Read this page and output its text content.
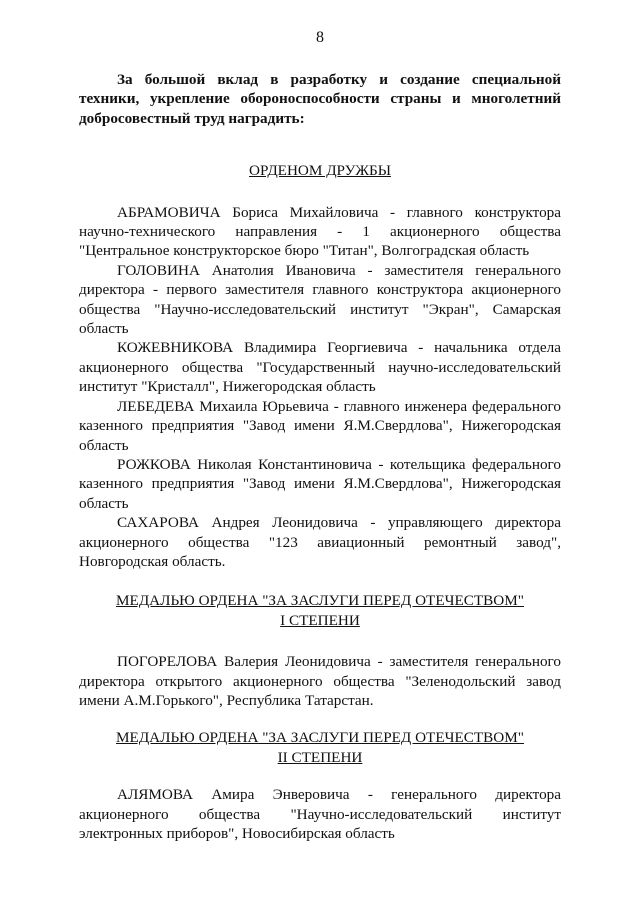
8

За большой вклад в разработку и создание специальной техники, укрепление обороноспособности страны и многолетний добросовестный труд наградить:

ОРДЕНОМ ДРУЖБЫ

АБРАМОВИЧА Бориса Михайловича - главного конструктора научно-технического направления - 1 акционерного общества "Центральное конструкторское бюро "Титан", Волгоградская область

ГОЛОВИНА Анатолия Ивановича - заместителя генерального директора - первого заместителя главного конструктора акционерного общества "Научно-исследовательский институт "Экран", Самарская область

КОЖЕВНИКОВА Владимира Георгиевича - начальника отдела акционерного общества "Государственный научно-исследовательский институт "Кристалл", Нижегородская область

ЛЕБЕДЕВА Михаила Юрьевича - главного инженера федерального казенного предприятия "Завод имени Я.М.Свердлова", Нижегородская область

РОЖКОВА Николая Константиновича - котельщика федерального казенного предприятия "Завод имени Я.М.Свердлова", Нижегородская область

САХАРОВА Андрея Леонидовича - управляющего директора акционерного общества "123 авиационный ремонтный завод", Новгородская область.

МЕДАЛЬЮ ОРДЕНА "ЗА ЗАСЛУГИ ПЕРЕД ОТЕЧЕСТВОМ"
I СТЕПЕНИ

ПОГОРЕЛОВА Валерия Леонидовича - заместителя генерального директора открытого акционерного общества "Зеленодольский завод имени А.М.Горького", Республика Татарстан.

МЕДАЛЬЮ ОРДЕНА "ЗА ЗАСЛУГИ ПЕРЕД ОТЕЧЕСТВОМ"
II СТЕПЕНИ

АЛЯМОВА Амира Энверовича - генерального директора акционерного общества "Научно-исследовательский институт электронных приборов", Новосибирская область
